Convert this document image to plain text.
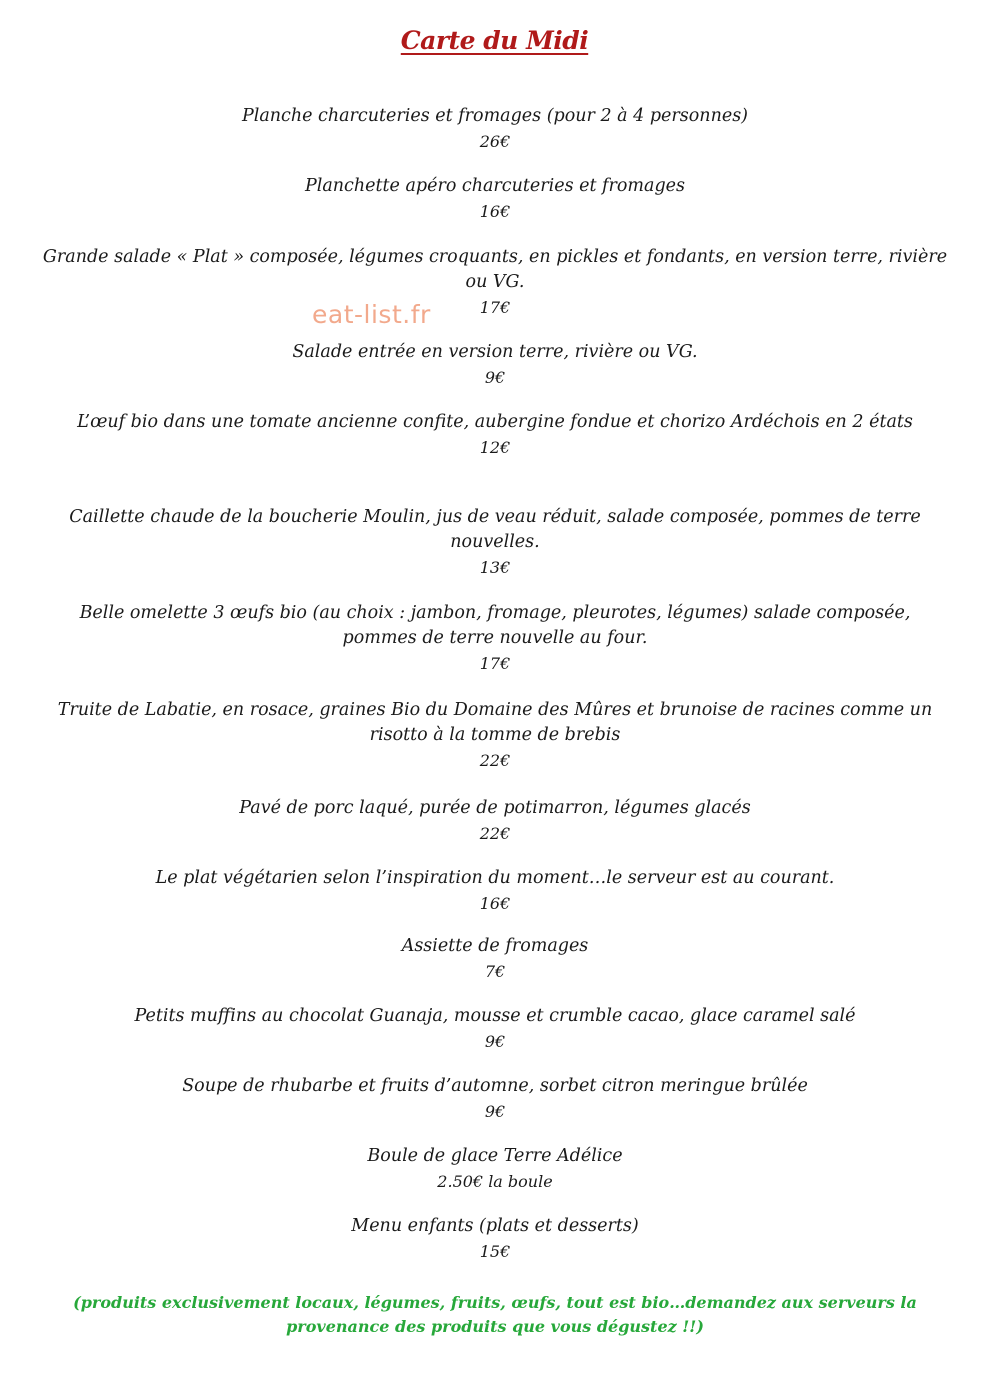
Carte du Midi
eat-list.fr
Planche charcuteries et fromages (pour 2 à 4 personnes)
26€
Planchette apéro charcuteries et fromages
16€
Grande salade « Plat » composée, légumes croquants, en pickles et fondants, en version terre, rivière ou VG.
17€
Salade entrée en version terre, rivière ou VG.
9€
L’œuf bio dans une tomate ancienne confite, aubergine fondue et chorizo Ardéchois en 2 états
12€
Caillette chaude de la boucherie Moulin, jus de veau réduit, salade composée, pommes de terre nouvelles.
13€
Belle omelette 3 œufs bio (au choix : jambon, fromage, pleurotes, légumes) salade composée, pommes de terre nouvelle au four.
17€
Truite de Labatie, en rosace, graines Bio du Domaine des Mûres et brunoise de racines comme un risotto à la tomme de brebis
22€
Pavé de porc laqué, purée de potimarron, légumes glacés
22€
Le plat végétarien selon l’inspiration du moment…le serveur est au courant.
16€
Assiette de fromages
7€
Petits muffins au chocolat Guanaja, mousse et crumble cacao, glace caramel salé
9€
Soupe de rhubarbe et fruits d’automne, sorbet citron meringue brûlée
9€
Boule de glace Terre Adélice
2.50€ la boule
Menu enfants (plats et desserts)
15€
(produits exclusivement locaux, légumes, fruits, œufs, tout est bio…demandez aux serveurs la provenance des produits que vous dégustez !!)
